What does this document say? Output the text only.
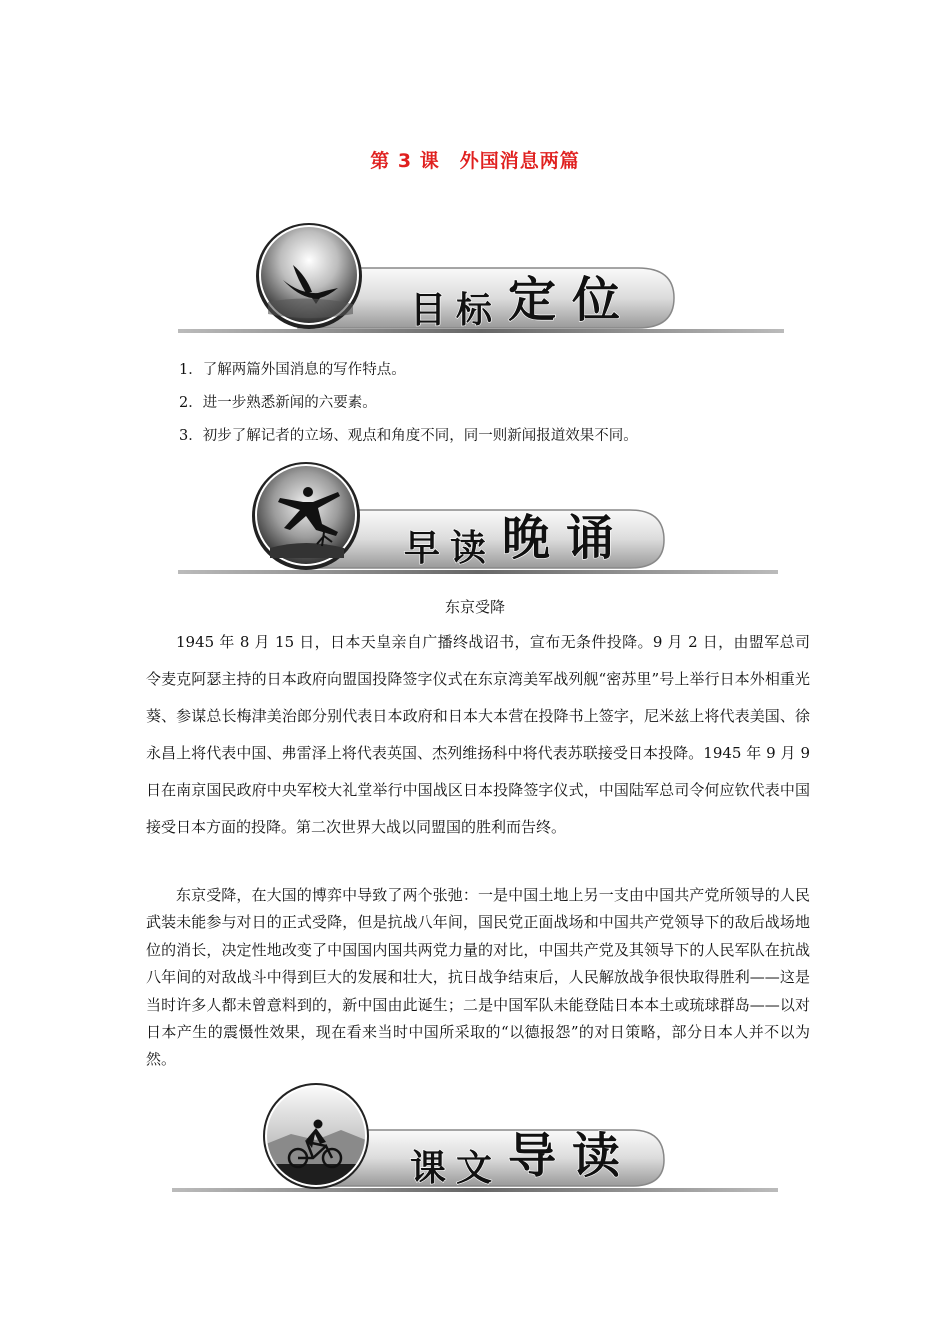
第 3 课　外国消息两篇
目 标 定 位
1．了解两篇外国消息的写作特点。
2．进一步熟悉新闻的六要素。
3．初步了解记者的立场、观点和角度不同，同一则新闻报道效果不同。
早 读 晚 诵
东京受降
1945 年 8 月 15 日，日本天皇亲自广播终战诏书，宣布无条件投降。9 月 2 日，由盟军总司令麦克阿瑟主持的日本政府向盟国投降签字仪式在东京湾美军战列舰“密苏里”号上举行日本外相重光葵、参谋总长梅津美治郎分别代表日本政府和日本大本营在投降书上签字，尼米兹上将代表美国、徐永昌上将代表中国、弗雷泽上将代表英国、杰列维扬科中将代表苏联接受日本投降。1945 年 9 月 9 日在南京国民政府中央军校大礼堂举行中国战区日本投降签字仪式，中国陆军总司令何应钦代表中国接受日本方面的投降。第二次世界大战以同盟国的胜利而告终。
东京受降，在大国的博弈中导致了两个张弛：一是中国土地上另一支由中国共产党所领导的人民武装未能参与对日的正式受降，但是抗战八年间，国民党正面战场和中国共产党领导下的敌后战场地位的消长，决定性地改变了中国国内国共两党力量的对比，中国共产党及其领导下的人民军队在抗战八年间的对敌战斗中得到巨大的发展和壮大，抗日战争结束后，人民解放战争很快取得胜利——这是当时许多人都未曾意料到的，新中国由此诞生；二是中国军队未能登陆日本本土或琉球群岛——以对日本产生的震慑性效果，现在看来当时中国所采取的“以德报怨”的对日策略，部分日本人并不以为然。
课 文 导 读
